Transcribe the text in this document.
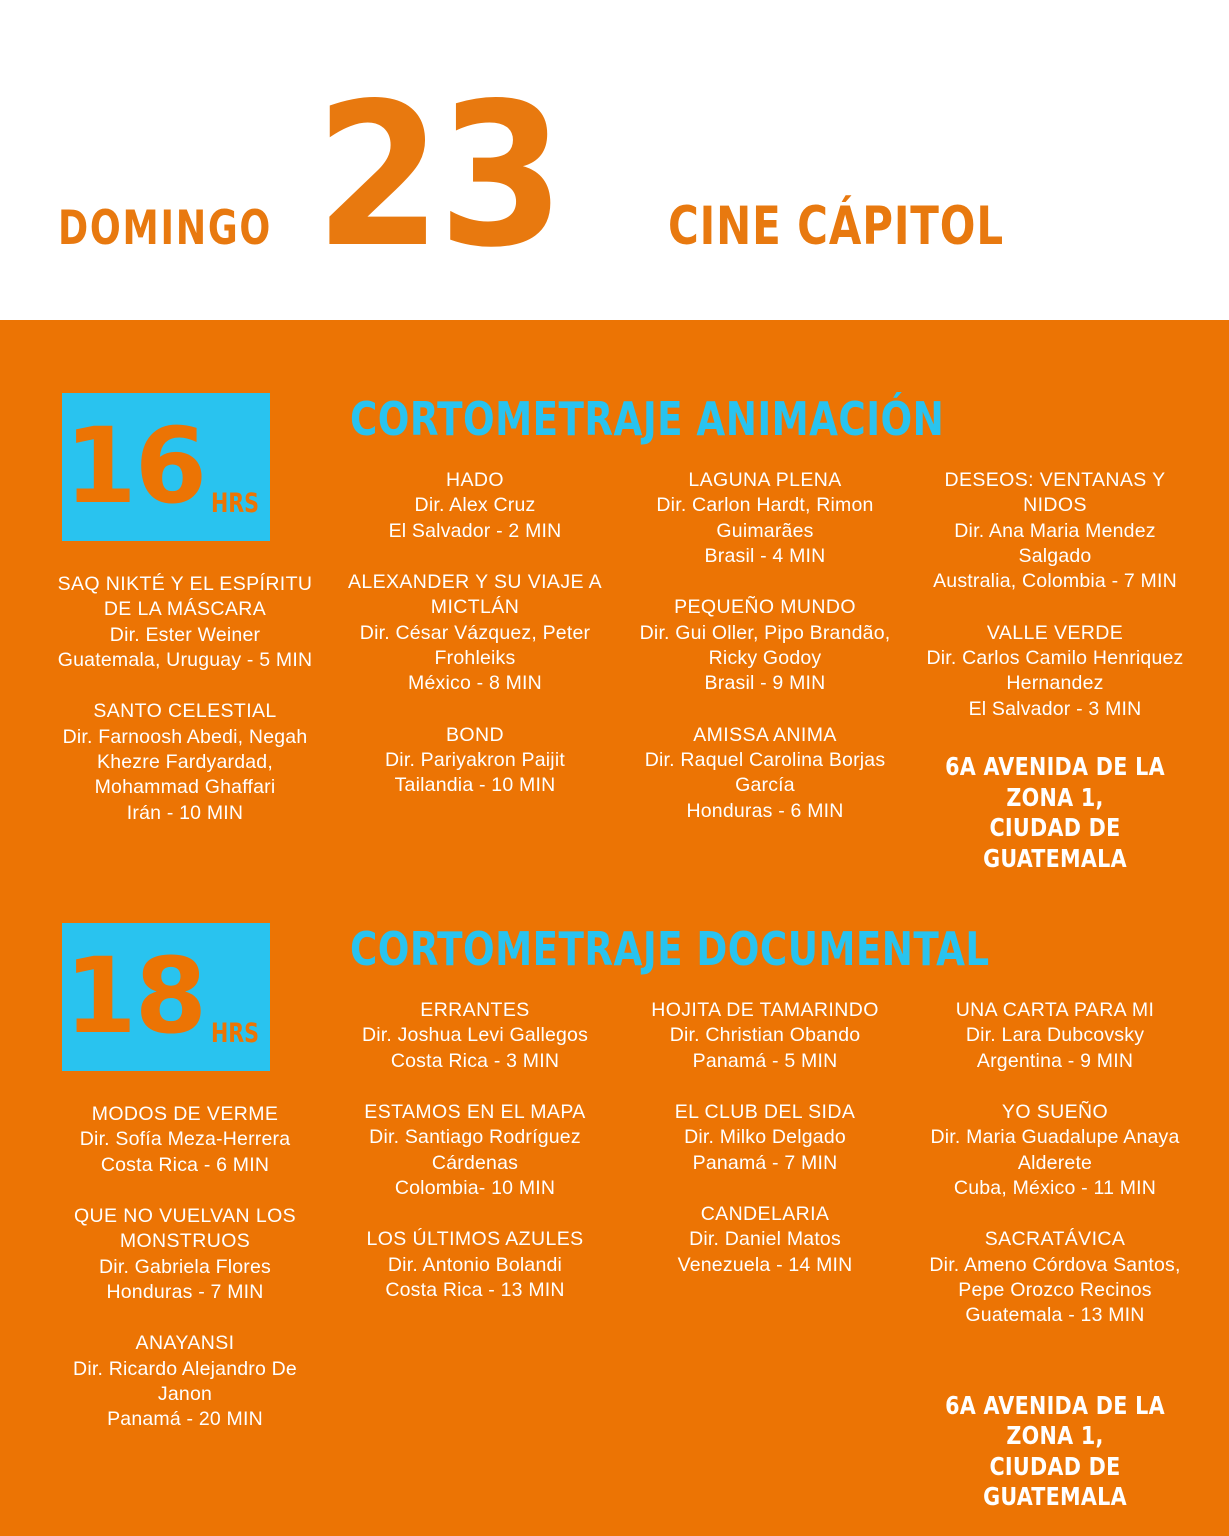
DOMINGO 23 CINE CÁPITOL
16 HRS
CORTOMETRAJE ANIMACIÓN
SAQ NIKTÉ Y EL ESPÍRITU DE LA MÁSCARA
Dir. Ester Weiner
Guatemala, Uruguay - 5 MIN
SANTO CELESTIAL
Dir. Farnoosh Abedi, Negah Khezre Fardyardad, Mohammad Ghaffari
Irán - 10 MIN
HADO
Dir. Alex Cruz
El Salvador - 2 MIN
ALEXANDER Y SU VIAJE A MICTLÁN
Dir. César Vázquez, Peter Frohleiks
México - 8 MIN
BOND
Dir. Pariyakron Paijit
Tailandia - 10 MIN
LAGUNA PLENA
Dir. Carlon Hardt, Rimon Guimarães
Brasil - 4 MIN
PEQUEÑO MUNDO
Dir. Gui Oller, Pipo Brandão, Ricky Godoy
Brasil - 9 MIN
AMISSA ANIMA
Dir. Raquel Carolina Borjas García
Honduras - 6 MIN
DESEOS: VENTANAS Y NIDOS
Dir. Ana Maria Mendez Salgado
Australia, Colombia - 7 MIN
VALLE VERDE
Dir. Carlos Camilo Henriquez Hernandez
El Salvador - 3 MIN
6A AVENIDA DE LA ZONA 1,
CIUDAD DE GUATEMALA
18 HRS
CORTOMETRAJE DOCUMENTAL
MODOS DE VERME
Dir. Sofía Meza-Herrera
Costa Rica - 6 MIN
QUE NO VUELVAN LOS MONSTRUOS
Dir. Gabriela Flores
Honduras - 7 MIN
ANAYANSI
Dir. Ricardo Alejandro De Janon
Panamá - 20 MIN
ERRANTES
Dir. Joshua Levi Gallegos
Costa Rica - 3 MIN
ESTAMOS EN EL MAPA
Dir. Santiago Rodríguez Cárdenas
Colombia- 10 MIN
LOS ÚLTIMOS AZULES
Dir. Antonio Bolandi
Costa Rica - 13 MIN
HOJITA DE TAMARINDO
Dir. Christian Obando
Panamá - 5 MIN
EL CLUB DEL SIDA
Dir. Milko Delgado
Panamá - 7 MIN
CANDELARIA
Dir. Daniel Matos
Venezuela - 14 MIN
UNA CARTA PARA MI
Dir. Lara Dubcovsky
Argentina - 9 MIN
YO SUEÑO
Dir. Maria Guadalupe Anaya Alderete
Cuba, México - 11 MIN
SACRATÁVICA
Dir. Ameno Córdova Santos, Pepe Orozco Recinos
Guatemala - 13 MIN
6A AVENIDA DE LA ZONA 1,
CIUDAD DE GUATEMALA
